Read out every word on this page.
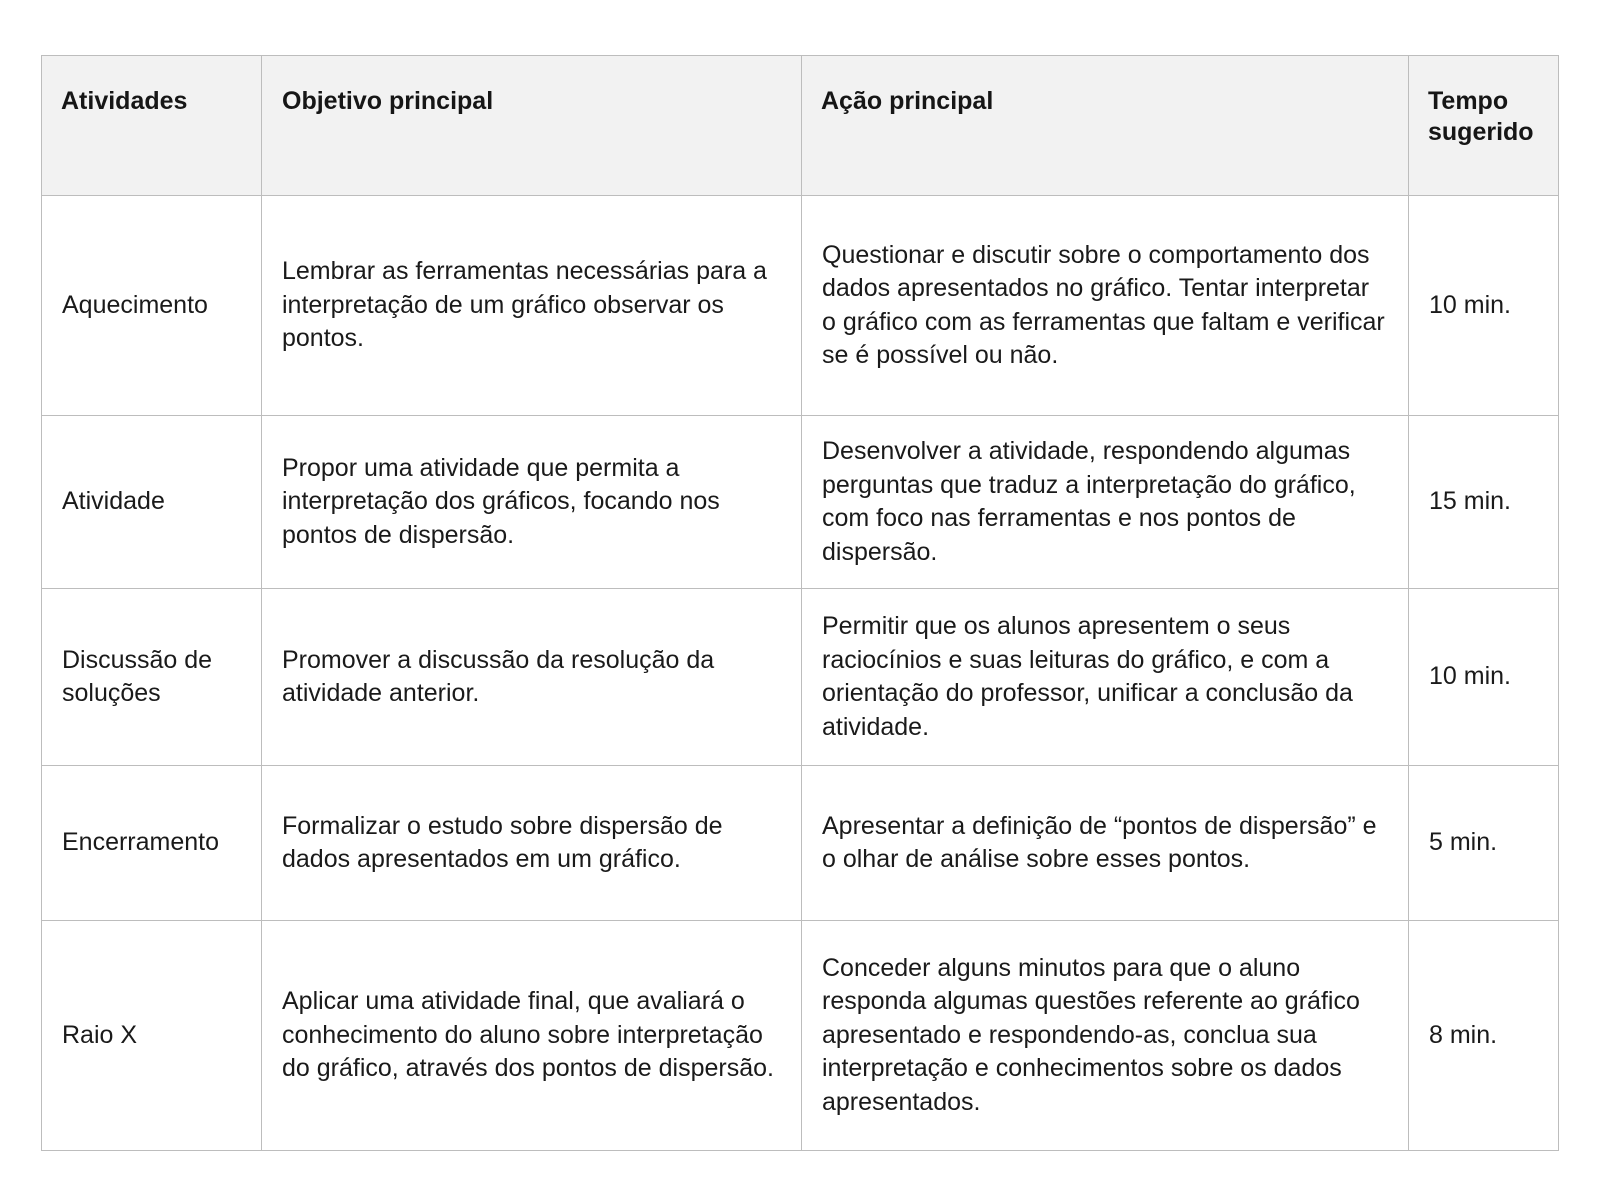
Atividades	Objetivo principal	Ação principal	Tempo sugerido
Aquecimento	Lembrar as ferramentas necessárias para a interpretação de um gráfico observar os pontos.	Questionar e discutir sobre o comportamento dos dados apresentados no gráfico. Tentar interpretar o gráfico com as ferramentas que faltam e verificar se é possível ou não.	10 min.
Atividade	Propor uma atividade que permita a interpretação dos gráficos, focando nos pontos de dispersão.	Desenvolver a atividade, respondendo algumas perguntas que traduz a interpretação do gráfico, com foco nas ferramentas e nos pontos de dispersão.	15 min.
Discussão de soluções	Promover a discussão da resolução da atividade anterior.	Permitir que os alunos apresentem o seus raciocínios e suas leituras do gráfico, e com a orientação do professor, unificar a conclusão da atividade.	10 min.
Encerramento	Formalizar o estudo sobre dispersão de dados apresentados em um gráfico.	Apresentar a definição de “pontos de dispersão” e o olhar de análise sobre esses pontos.	5 min.
Raio X	Aplicar uma atividade final, que avaliará o conhecimento do aluno sobre interpretação do gráfico, através dos pontos de dispersão.	Conceder alguns minutos para que o aluno responda algumas questões referente ao gráfico apresentado e respondendo-as, conclua sua interpretação e conhecimentos sobre os dados apresentados.	8 min.
